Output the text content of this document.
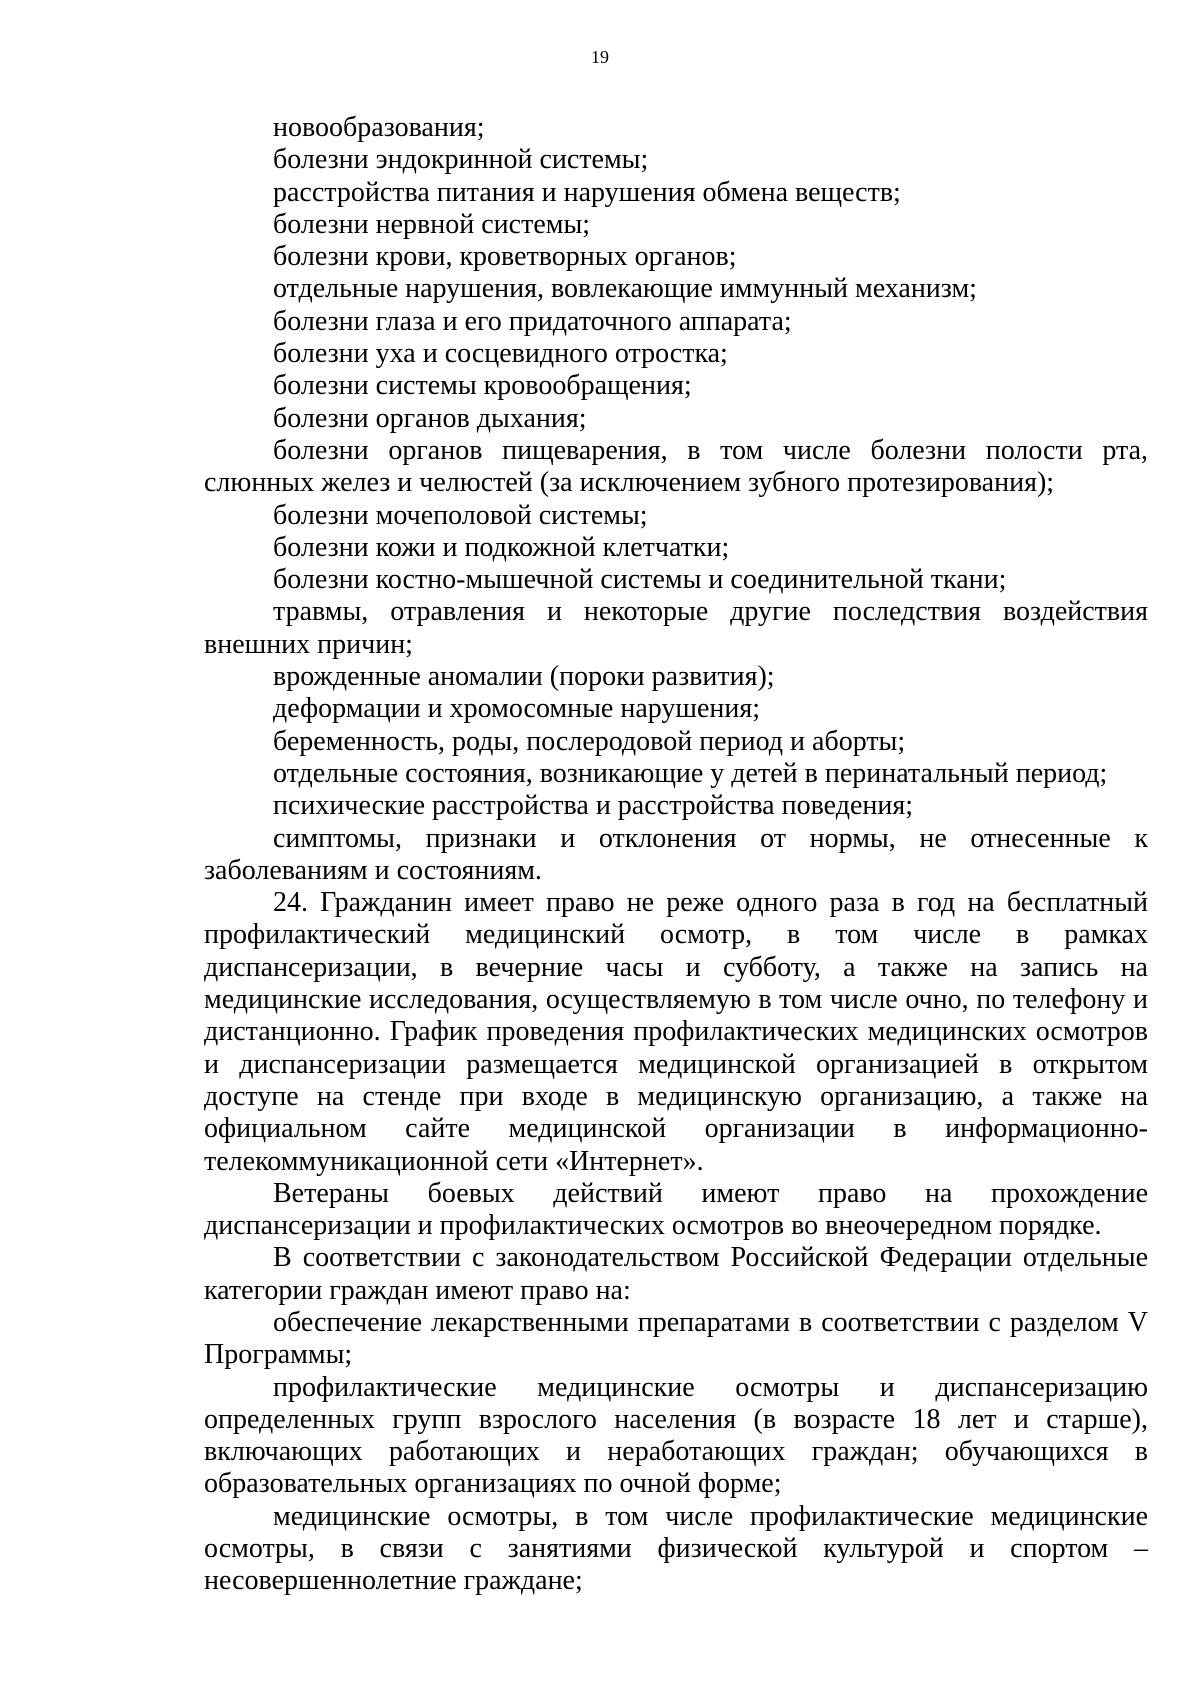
19

новообразования;

болезни эндокринной системы;

расстройства питания и нарушения обмена веществ;

болезни нервной системы;

болезни крови, кроветворных органов;

отдельные нарушения, вовлекающие иммунный механизм;

болезни глаза и его придаточного аппарата;

болезни уха и сосцевидного отростка;

болезни системы кровообращения;

болезни органов дыхания;

болезни органов пищеварения, в том числе болезни полости рта, слюнных желез и челюстей (за исключением зубного протезирования);

болезни мочеполовой системы;

болезни кожи и подкожной клетчатки;

болезни костно-мышечной системы и соединительной ткани;

травмы, отравления и некоторые другие последствия воздействия внешних причин;

врожденные аномалии (пороки развития);

деформации и хромосомные нарушения;

беременность, роды, послеродовой период и аборты;

отдельные состояния, возникающие у детей в перинатальный период;

психические расстройства и расстройства поведения;

симптомы, признаки и отклонения от нормы, не отнесенные к заболеваниям и состояниям.

24. Гражданин имеет право не реже одного раза в год на бесплатный профилактический медицинский осмотр, в том числе в рамках диспансеризации, в вечерние часы и субботу, а также на запись на медицинские исследования, осуществляемую в том числе очно, по телефону и дистанционно. График проведения профилактических медицинских осмотров и диспансеризации размещается медицинской организацией в открытом доступе на стенде при входе в медицинскую организацию, а также на официальном сайте медицинской организации в информационно-телекоммуникационной сети «Интернет».

Ветераны боевых действий имеют право на прохождение диспансеризации и профилактических осмотров во внеочередном порядке.

В соответствии с законодательством Российской Федерации отдельные категории граждан имеют право на:

обеспечение лекарственными препаратами в соответствии с разделом V Программы;

профилактические медицинские осмотры и диспансеризацию определенных групп взрослого населения (в возрасте 18 лет и старше), включающих работающих и неработающих граждан; обучающихся в образовательных организациях по очной форме;

медицинские осмотры, в том числе профилактические медицинские осмотры, в связи с занятиями физической культурой и спортом – несовершеннолетние граждане;
